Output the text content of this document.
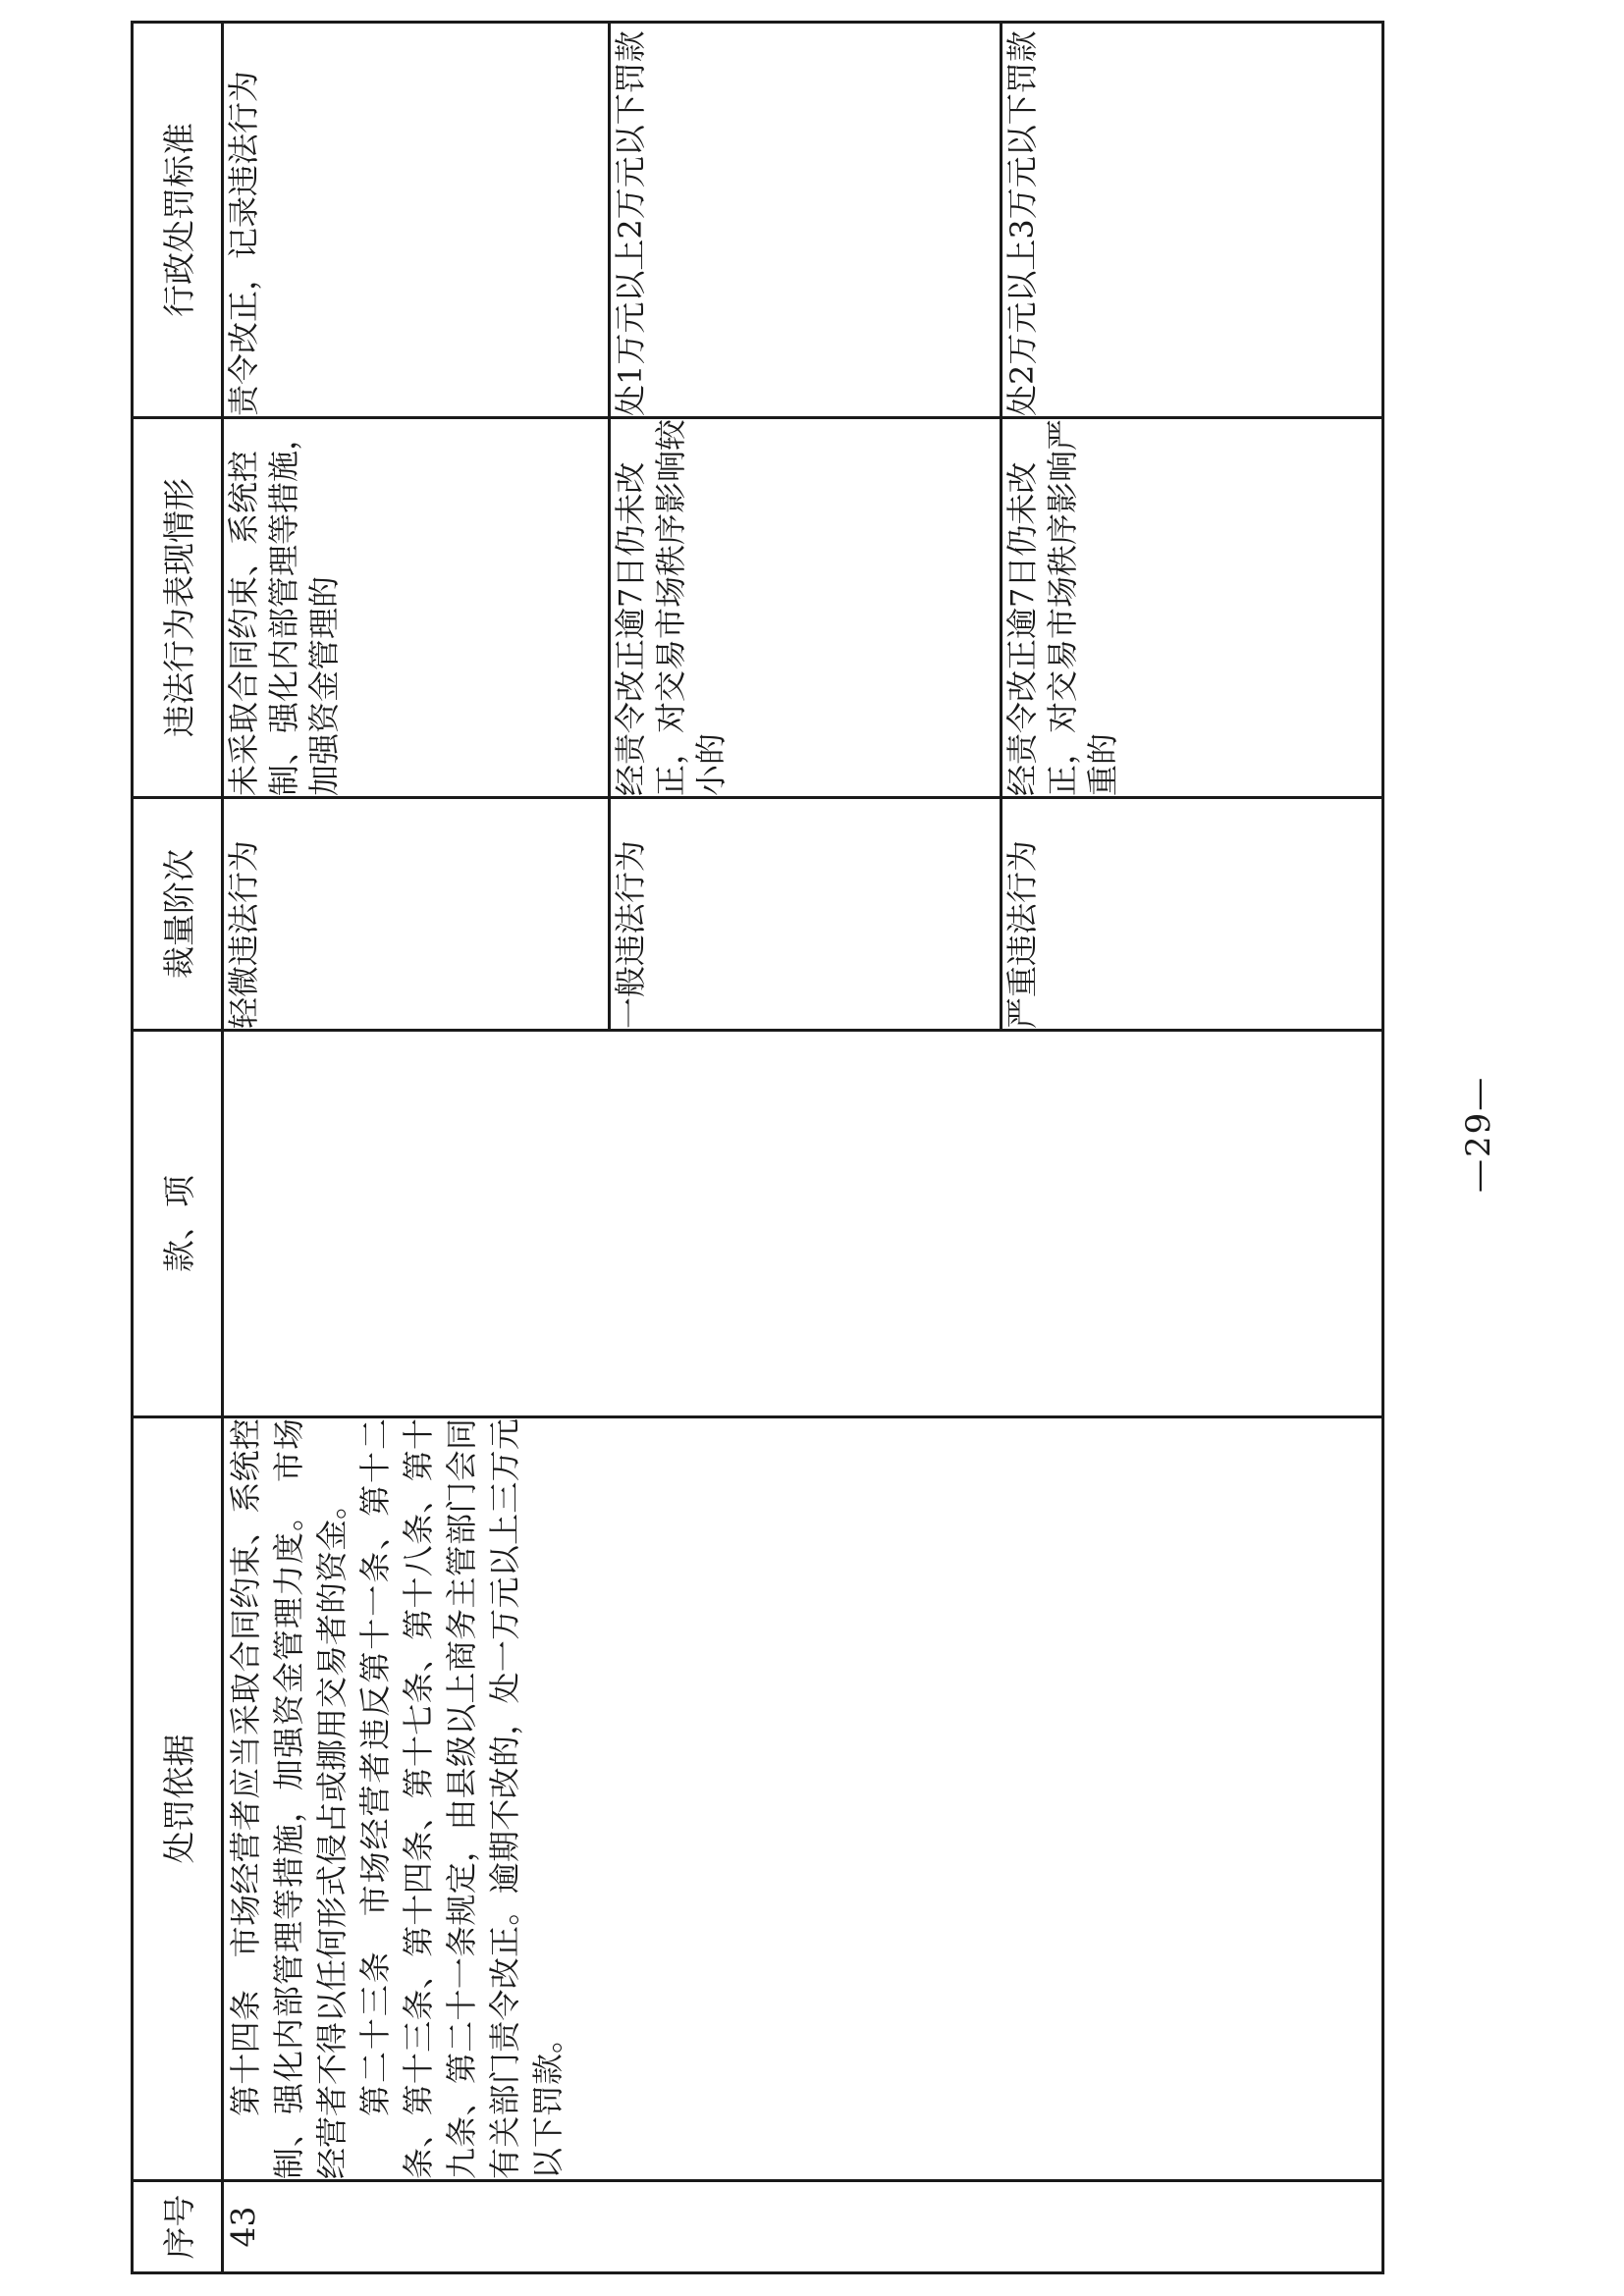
序号	处罚依据	款、项	裁量阶次	违法行为表现情形	行政处罚标准
43	第十四条　市场经营者应当采取合同约束、系统控制、强化内部管理等措施，加强资金管理力度。　市场经营者不得以任何形式侵占或挪用交易者的资金。 第二十三条　市场经营者违反第十一条、第十二条、第十三条、第十四条、第十七条、第十八条、第十九条、第二十一条规定，由县级以上商务主管部门会同有关部门责令改正。逾期不改的，处一万元以上三万元以下罚款。		轻微违法行为	未采取合同约束、系统控制、强化内部管理等措施，加强资金管理的	责令改正，记录违法行为
			一般违法行为	经责令改正逾7日仍未改正，对交易市场秩序影响较小的	处1万元以上2万元以下罚款
			严重违法行为	经责令改正逾7日仍未改正，对交易市场秩序影响严重的	处2万元以上3万元以下罚款
—29—
